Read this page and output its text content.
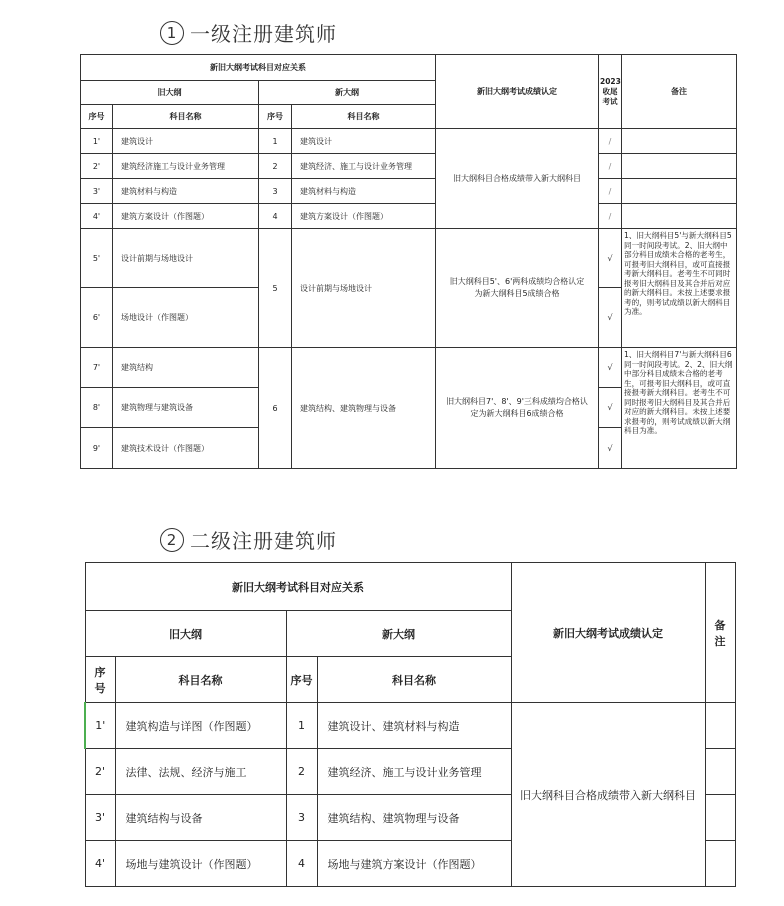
1 一级注册建筑师
新旧大纲考试科目对应关系				新旧大纲考试成绩认定	2023收尾考试	备注
旧大纲		新大纲				
序号	科目名称	序号	科目名称			
1'	建筑设计	1	建筑设计	旧大纲科目合格成绩带入新大纲科目	/	
2'	建筑经济施工与设计业务管理	2	建筑经济、施工与设计业务管理		/	
3'	建筑材料与构造	3	建筑材料与构造		/	
4'	建筑方案设计（作图题）	4	建筑方案设计（作图题）		/	
5'	设计前期与场地设计	5	设计前期与场地设计	旧大纲科目5'、6'两科成绩均合格认定为新大纲科目5成绩合格	√	1、旧大纲科目5'与新大纲科目5同一时间段考试。2、旧大纲中部分科目成绩未合格的老考生，可报考旧大纲科目，或可直接报考新大纲科目。老考生不可同时报考旧大纲科目及其合并后对应的新大纲科目。未按上述要求报考的，则考试成绩以新大纲科目为准。
6'	场地设计（作图题）				√	
7'	建筑结构	6	建筑结构、建筑物理与设备	旧大纲科目7'、8'、9'三科成绩均合格认定为新大纲科目6成绩合格	√	1、旧大纲科目7'与新大纲科目6同一时间段考试。2、2、旧大纲中部分科目成绩未合格的老考生，可报考旧大纲科目，或可直接报考新大纲科目。老考生不可同时报考旧大纲科目及其合并后对应的新大纲科目。未按上述要求报考的，则考试成绩以新大纲科目为准。
8'	建筑物理与建筑设备				√	
9'	建筑技术设计（作图题）				√	
2 二级注册建筑师
新旧大纲考试科目对应关系				新旧大纲考试成绩认定	备注
旧大纲		新大纲			
序号	科目名称	序号	科目名称		
1'	建筑构造与详图（作图题）	1	建筑设计、建筑材料与构造	旧大纲科目合格成绩带入新大纲科目	
2'	法律、法规、经济与施工	2	建筑经济、施工与设计业务管理		
3'	建筑结构与设备	3	建筑结构、建筑物理与设备		
4'	场地与建筑设计（作图题）	4	场地与建筑方案设计（作图题）		
